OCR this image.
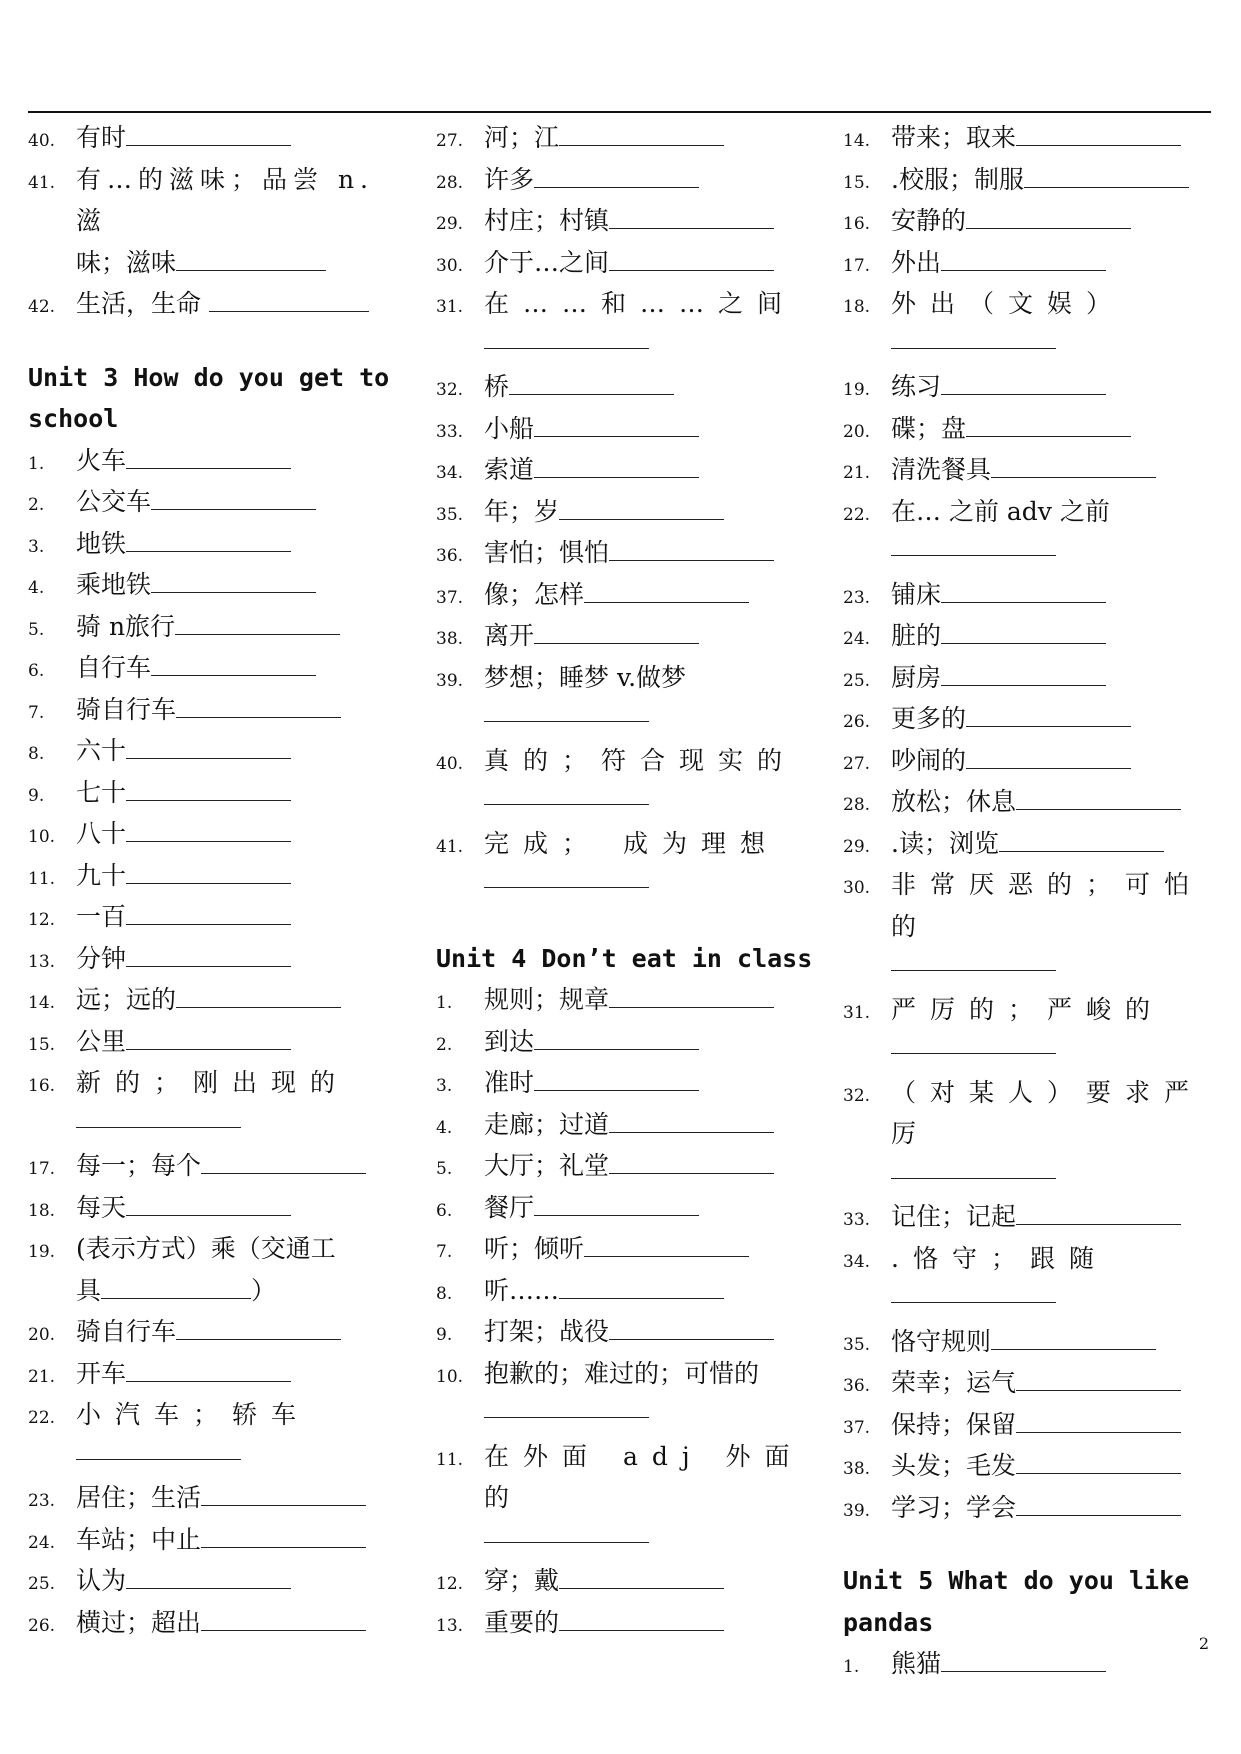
40. 有时
41. 有…的滋味；品尝 n.滋
味；滋味
42. 生活，生命
Unit 3 How do you get to school
1.	火车
2.	公交车
3.	地铁
4.	乘地铁
5.	骑 n旅行
6.	自行车
7.	骑自行车
8.	六十
9.	七十
10. 八十
11. 九十
12. 一百
13. 分钟
14. 远；远的
15. 公里
16. 新的；刚出现的
17. 每一；每个
18. 每天
19. (表示方式）乘（交通工
具	）
20. 骑自行车
21. 开车
22. 小汽车；轿车
23. 居住；生活
24. 车站；中止
25. 认为
26. 横过；超出
27. 河；江
28. 许多
29. 村庄；村镇
30. 介于…之间
31. 在……和……之间
32. 桥
33. 小船
34. 索道
35. 年；岁
36. 害怕；惧怕
37. 像；怎样
38. 离开
39. 梦想；睡梦 v.做梦
40. 真的；符合现实的
41. 完成； 成为理想
Unit 4 Don’t eat in class
1.	规则；规章
2.	到达
3.	准时
4.	走廊；过道
5.	大厅；礼堂
6.	餐厅
7.	听；倾听
8.	听……
9.	打架；战役
10. 抱歉的；难过的；可惜的
11. 在外面 adj 外面的
12. 穿；戴
13. 重要的
14. 带来；取来
15. .校服；制服
16. 安静的
17. 外出
18. 外出（文娱）
19. 练习
20. 碟；盘
21. 清洗餐具
22. 在… 之前 adv 之前
23. 铺床
24. 脏的
25. 厨房
26. 更多的
27. 吵闹的
28. 放松；休息
29. .读；浏览
30. 非常厌恶的；可怕的
31. 严厉的；严峻的
32. （对某人）要求严厉
33. 记住；记起
34. .恪守；跟随
35. 恪守规则
36. 荣幸；运气
37. 保持；保留
38. 头发；毛发
39. 学习；学会
Unit 5 What do you like pandas
1.	熊猫
2
